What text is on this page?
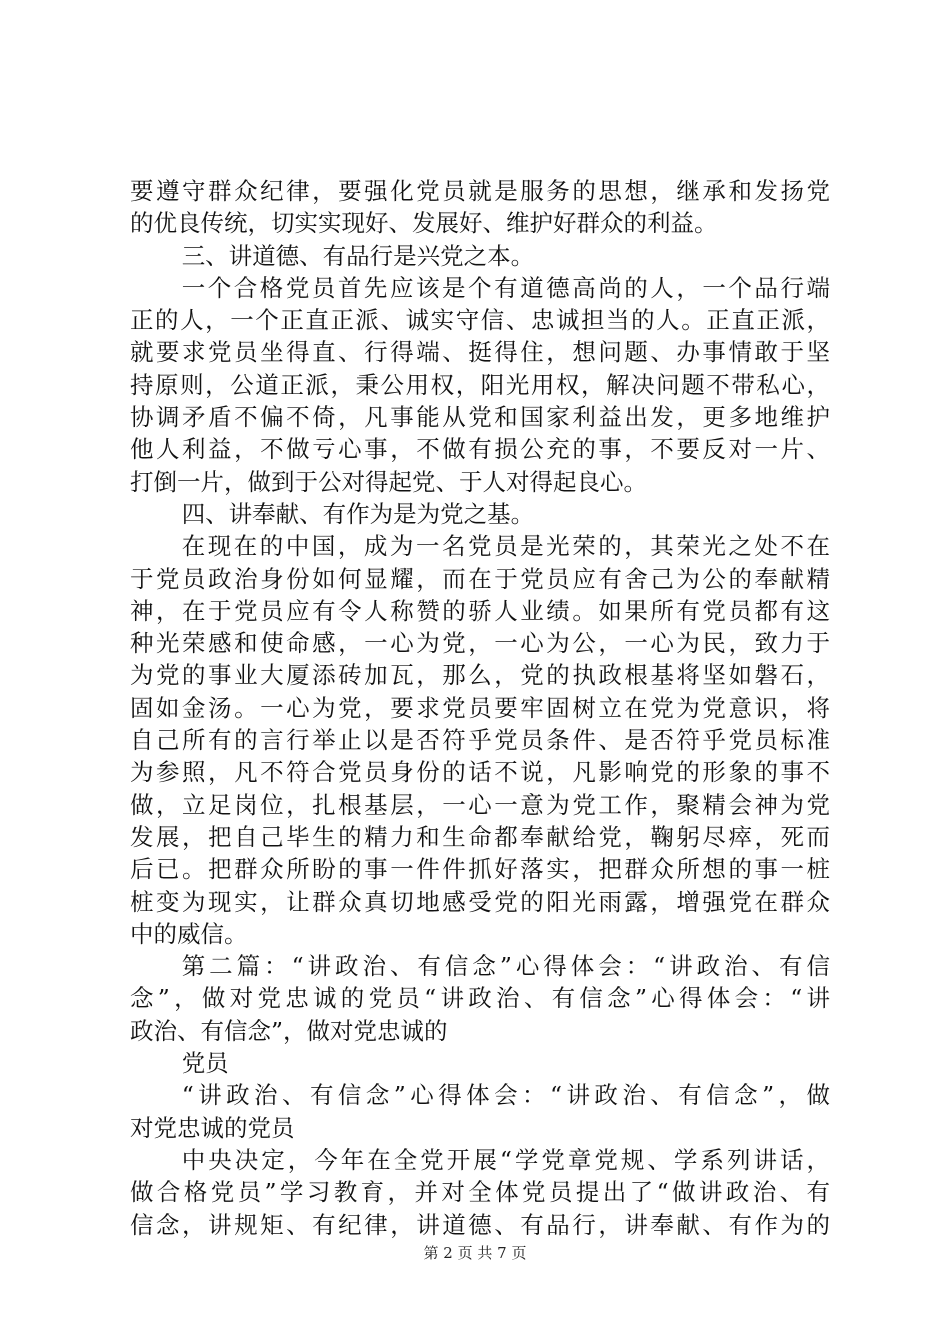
要遵守群众纪律，要强化党员就是服务的思想，继承和发扬党
的优良传统，切实实现好、发展好、维护好群众的利益。
三、讲道德、有品行是兴党之本。
一个合格党员首先应该是个有道德高尚的人，一个品行端
正的人，一个正直正派、诚实守信、忠诚担当的人。正直正派，
就要求党员坐得直、行得端、挺得住，想问题、办事情敢于坚
持原则，公道正派，秉公用权，阳光用权，解决问题不带私心，
协调矛盾不偏不倚，凡事能从党和国家利益出发，更多地维护
他人利益，不做亏心事，不做有损公充的事，不要反对一片、
打倒一片，做到于公对得起党、于人对得起良心。
四、讲奉献、有作为是为党之基。
在现在的中国，成为一名党员是光荣的，其荣光之处不在
于党员政治身份如何显耀，而在于党员应有舍己为公的奉献精
神，在于党员应有令人称赞的骄人业绩。如果所有党员都有这
种光荣感和使命感，一心为党，一心为公，一心为民，致力于
为党的事业大厦添砖加瓦，那么，党的执政根基将坚如磐石，
固如金汤。一心为党，要求党员要牢固树立在党为党意识，将
自己所有的言行举止以是否符乎党员条件、是否符乎党员标准
为参照，凡不符合党员身份的话不说，凡影响党的形象的事不
做，立足岗位，扎根基层，一心一意为党工作，聚精会神为党
发展，把自己毕生的精力和生命都奉献给党，鞠躬尽瘁，死而
后已。把群众所盼的事一件件抓好落实，把群众所想的事一桩
桩变为现实，让群众真切地感受党的阳光雨露，增强党在群众
中的威信。
第二篇：“讲政治、有信念”心得体会：“讲政治、有信
念”，做对党忠诚的党员“讲政治、有信念”心得体会：“讲
政治、有信念”，做对党忠诚的
党员
“讲政治、有信念”心得体会：“讲政治、有信念”，做
对党忠诚的党员
中央决定，今年在全党开展“学党章党规、学系列讲话，
做合格党员”学习教育，并对全体党员提出了“做讲政治、有
信念，讲规矩、有纪律，讲道德、有品行，讲奉献、有作为的
第 2 页 共 7 页
